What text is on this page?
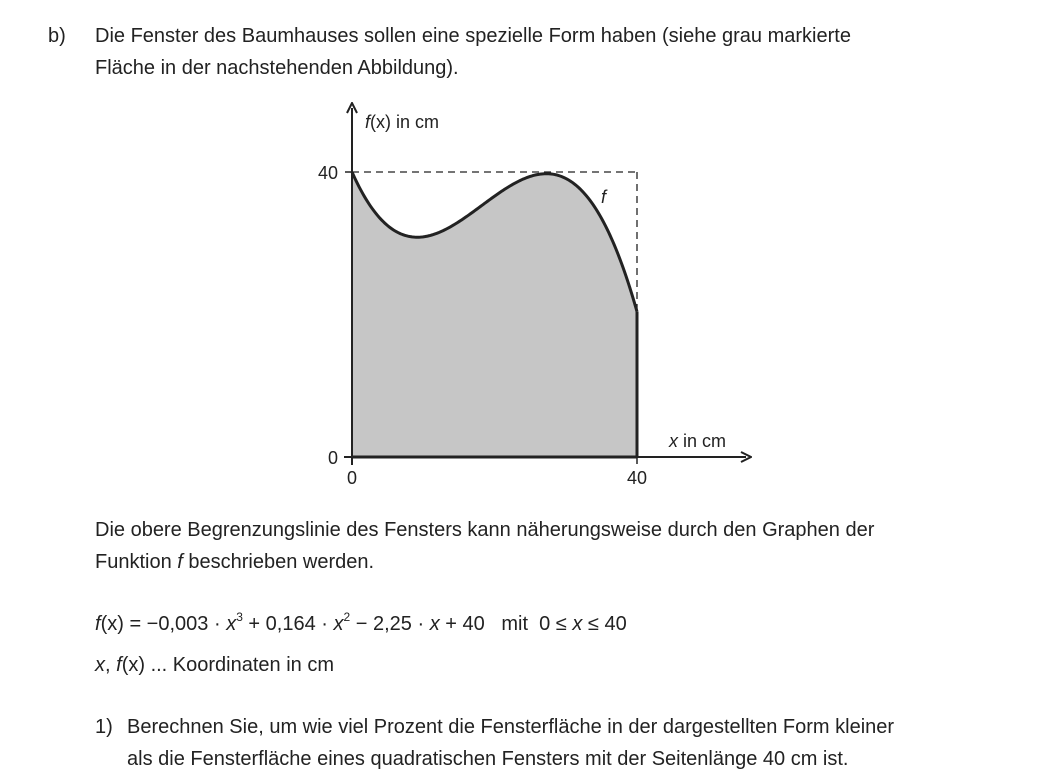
b) Die Fenster des Baumhauses sollen eine spezielle Form haben (siehe grau markierte
Fläche in der nachstehenden Abbildung).
40
0
0	40
f(x) in cm
x in cm
f
Die obere Begrenzungslinie des Fensters kann näherungsweise durch den Graphen der
Funktion f beschrieben werden.
$f(x) = -0,003 \cdot x^3 + 0,164 \cdot x^2 - 2,25 \cdot x + 40$   mit  0 ≤ x ≤ 40
x, f(x) ... Koordinaten in cm
1) Berechnen Sie, um wie viel Prozent die Fensterfläche in der dargestellten Form kleiner
als die Fensterfläche eines quadratischen Fensters mit der Seitenlänge 40 cm ist.
